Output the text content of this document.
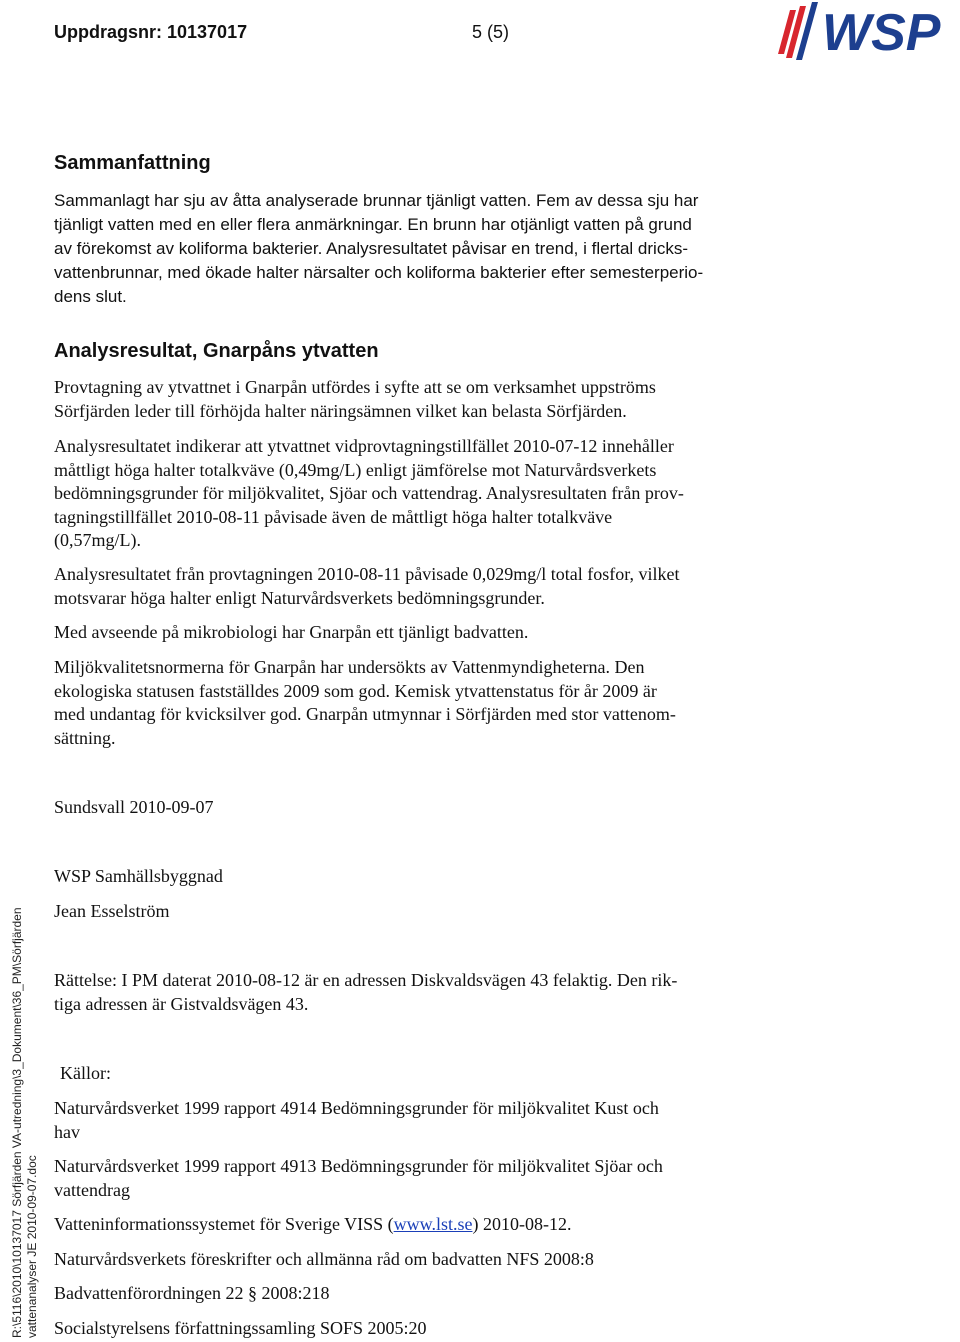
Uppdragsnr: 10137017	5 (5)	WSP
Sammanfattning

Sammanlagt har sju av åtta analyserade brunnar tjänligt vatten. Fem av dessa sju har
tjänligt vatten med en eller flera anmärkningar. En brunn har otjänligt vatten på grund
av förekomst av koliforma bakterier. Analysresultatet påvisar en trend, i flertal dricks-
vattenbrunnar, med ökade halter närsalter och koliforma bakterier efter semesterperio-
dens slut.

Analysresultat, Gnarpåns ytvatten

Provtagning av ytvattnet i Gnarpån utfördes i syfte att se om verksamhet uppströms
Sörfjärden leder till förhöjda halter näringsämnen vilket kan belasta Sörfjärden.

Analysresultatet indikerar att ytvattnet vidprovtagningstillfället 2010-07-12 innehåller
måttligt höga halter totalkväve (0,49mg/L) enligt jämförelse mot Naturvårdsverkets
bedömningsgrunder för miljökvalitet, Sjöar och vattendrag. Analysresultaten från prov-
tagningstillfället 2010-08-11 påvisade även de måttligt höga halter totalkväve
(0,57mg/L).

Analysresultatet från provtagningen 2010-08-11 påvisade 0,029mg/l total fosfor, vilket
motsvarar höga halter enligt Naturvårdsverkets bedömningsgrunder.

Med avseende på mikrobiologi har Gnarpån ett tjänligt badvatten.

Miljökvalitetsnormerna för Gnarpån har undersökts av Vattenmyndigheterna. Den
ekologiska statusen fastställdes 2009 som god. Kemisk ytvattenstatus för år 2009 är
med undantag för kvicksilver god. Gnarpån utmynnar i Sörfjärden med stor vattenom-
sättning.

Sundsvall 2010-09-07

WSP Samhällsbyggnad

Jean Esselström

Rättelse: I PM daterat 2010-08-12 är en adressen Diskvaldsvägen 43 felaktig. Den rik-
tiga adressen är Gistvaldsvägen 43.

Källor:

Naturvårdsverket 1999 rapport 4914 Bedömningsgrunder för miljökvalitet Kust och
hav

Naturvårdsverket 1999 rapport 4913 Bedömningsgrunder för miljökvalitet Sjöar och
vattendrag

Vatteninformationssystemet för Sverige VISS (www.lst.se) 2010-08-12.

Naturvårdsverkets föreskrifter och allmänna råd om badvatten NFS 2008:8

Badvattenförordningen 22 § 2008:218

Socialstyrelsens författningssamling SOFS 2005:20

R:\5116\2010\10137017 Sörfjärden VA-utredning\3_Dokument\36_PM\Sörfjärden vattenanalyser JE 2010-09-07.doc
